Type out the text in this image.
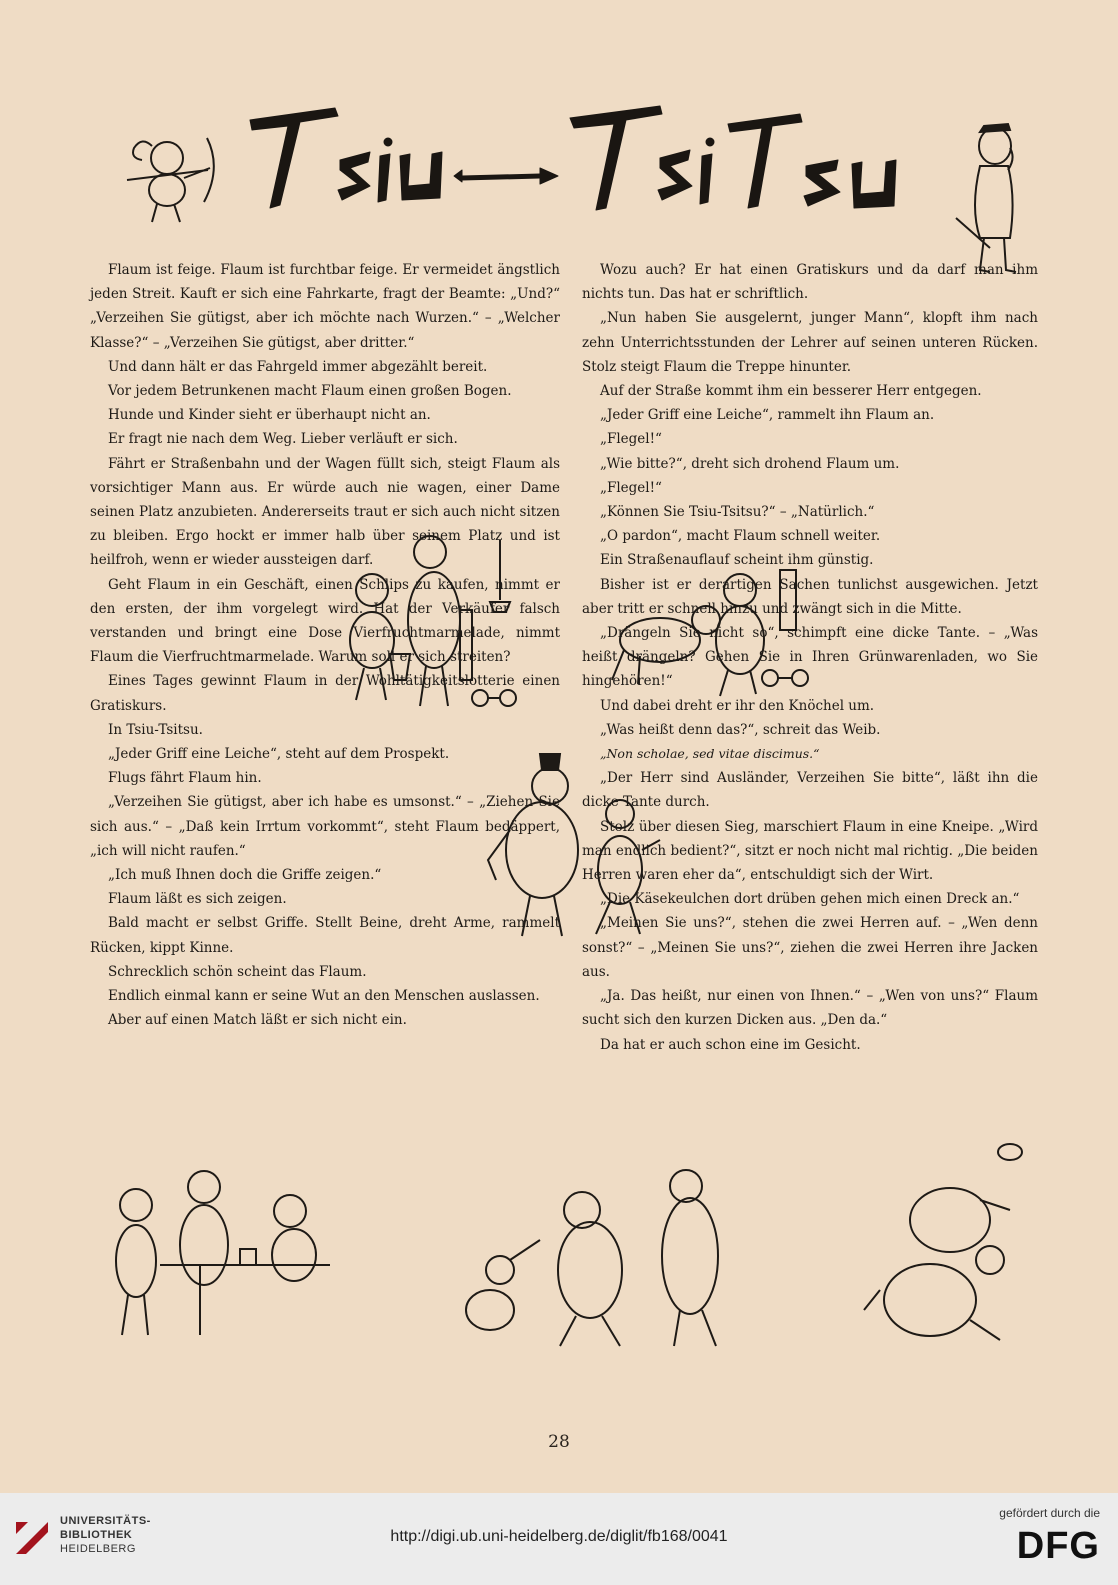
Flaum ist feige. Flaum ist furchtbar feige. Er vermeidet ängstlich jeden Streit. Kauft er sich eine Fahrkarte, fragt der Beamte: „Und?“ „Verzeihen Sie gütigst, aber ich möchte nach Wurzen.“ – „Welcher Klasse?“ – „Verzeihen Sie gütigst, aber dritter.“

Und dann hält er das Fahrgeld immer abgezählt bereit.

Vor jedem Betrunkenen macht Flaum einen großen Bogen.

Hunde und Kinder sieht er überhaupt nicht an.

Er fragt nie nach dem Weg. Lieber verläuft er sich.

Fährt er Straßenbahn und der Wagen füllt sich, steigt Flaum als vorsichtiger Mann aus. Er würde auch nie wagen, einer Dame seinen Platz anzubieten. Andererseits traut er sich auch nicht sitzen zu bleiben. Ergo hockt er immer halb über seinem Platz und ist heilfroh, wenn er wieder aussteigen darf.

Geht Flaum in ein Geschäft, einen Schlips zu kaufen, nimmt er den ersten, der ihm vorgelegt wird. Hat der Verkäufer falsch verstanden und bringt eine Dose Vierfruchtmarmelade, nimmt Flaum die Vierfruchtmarmelade. Warum soll er sich streiten?

Eines Tages gewinnt Flaum in der Wohltätigkeitslotterie einen Gratiskurs.

In Tsiu-Tsitsu.

„Jeder Griff eine Leiche“, steht auf dem Prospekt.

Flugs fährt Flaum hin.

„Verzeihen Sie gütigst, aber ich habe es umsonst.“ – „Ziehen Sie sich aus.“ – „Daß kein Irrtum vorkommt“, steht Flaum bedäppert, „ich will nicht raufen.“

„Ich muß Ihnen doch die Griffe zeigen.“

Flaum läßt es sich zeigen.

Bald macht er selbst Griffe. Stellt Beine, dreht Arme, rammelt Rücken, kippt Kinne.

Schrecklich schön scheint das Flaum.

Endlich einmal kann er seine Wut an den Menschen auslassen.

Aber auf einen Match läßt er sich nicht ein.

Wozu auch? Er hat einen Gratiskurs und da darf man ihm nichts tun. Das hat er schriftlich.

„Nun haben Sie ausgelernt, junger Mann“, klopft ihm nach zehn Unterrichtsstunden der Lehrer auf seinen unteren Rücken. Stolz steigt Flaum die Treppe hinunter.

Auf der Straße kommt ihm ein besserer Herr entgegen.

„Jeder Griff eine Leiche“, rammelt ihn Flaum an.

„Flegel!“

„Wie bitte?“, dreht sich drohend Flaum um.

„Flegel!“

„Können Sie Tsiu-Tsitsu?“ – „Natürlich.“

„O pardon“, macht Flaum schnell weiter.

Ein Straßenauflauf scheint ihm günstig.

Bisher ist er derartigen Sachen tunlichst ausgewichen. Jetzt aber tritt er schnell hinzu und zwängt sich in die Mitte.

„Drängeln Sie nicht so“, schimpft eine dicke Tante. – „Was heißt drängeln? Gehen Sie in Ihren Grünwarenladen, wo Sie hingehören!“

Und dabei dreht er ihr den Knöchel um.

„Was heißt denn das?“, schreit das Weib.

„Non scholae, sed vitae discimus.“

„Der Herr sind Ausländer, Verzeihen Sie bitte“, läßt ihn die dicke Tante durch.

Stolz über diesen Sieg, marschiert Flaum in eine Kneipe. „Wird man endlich bedient?“, sitzt er noch nicht mal richtig. „Die beiden Herren waren eher da“, entschuldigt sich der Wirt.

„Die Käsekeulchen dort drüben gehen mich einen Dreck an.“

„Meinen Sie uns?“, stehen die zwei Herren auf. – „Wen denn sonst?“ – „Meinen Sie uns?“, ziehen die zwei Herren ihre Jacken aus.

„Ja. Das heißt, nur einen von Ihnen.“ – „Wen von uns?“ Flaum sucht sich den kurzen Dicken aus. „Den da.“

Da hat er auch schon eine im Gesicht.

28
UNIVERSITÄTS-
BIBLIOTHEK
HEIDELBERG
http://digi.ub.uni-heidelberg.de/diglit/fb168/0041
gefördert durch die
DFG
